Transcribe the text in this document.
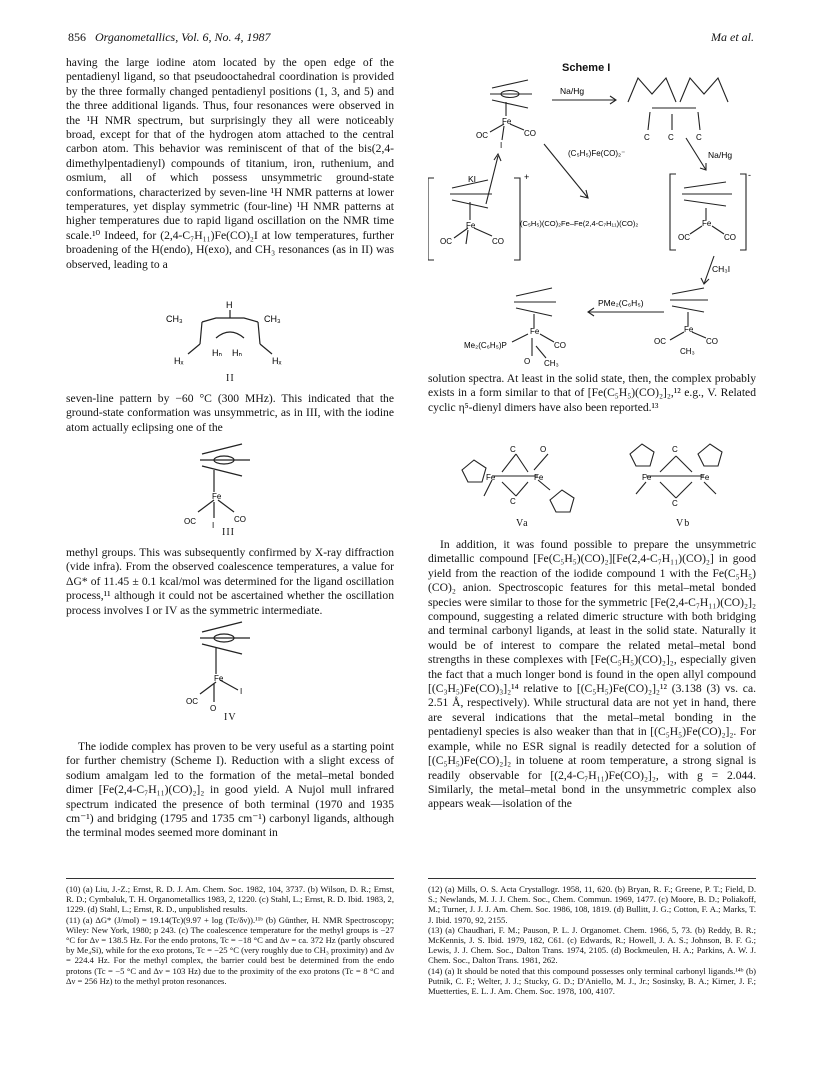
856 Organometallics, Vol. 6, No. 4, 1987	Ma et al.

having the large iodine atom located by the open edge of the pentadienyl ligand, so that pseudooctahedral coordination is provided by the three formally changed pentadienyl positions (1, 3, and 5) and the three additional ligands. Thus, four resonances were observed in the ¹H NMR spectrum, but surprisingly they all were noticeably broad, except for that of the hydrogen atom attached to the central carbon atom. This behavior was reminiscent of that of the bis(2,4-dimethylpentadienyl) compounds of titanium, iron, ruthenium, and osmium, all of which possess unsymmetric ground-state conformations, characterized by seven-line ¹H NMR patterns at lower temperatures, yet display symmetric (four-line) ¹H NMR patterns at higher temperatures due to rapid ligand oscillation on the NMR time scale.¹⁰ Indeed, for (2,4-C₇H₁₁)Fe(CO)₂I at low temperatures, further broadening of the H(endo), H(exo), and CH₃ resonances (as in II) was observed, leading to a

H
CH₃	CH₃
Hₓ
Hₙ Hₙ
Hₓ
II

seven-line pattern by −60 °C (300 MHz). This indicated that the ground-state conformation was unsymmetric, as in III, with the iodine atom actually eclipsing one of the

Fe
OC	CO
I
III

methyl groups. This was subsequently confirmed by X-ray diffraction (vide infra). From the observed coalescence temperatures, a value for ΔG* of 11.45 ± 0.1 kcal/mol was determined for the ligand oscillation process,¹¹ although it could not be ascertained whether the oscillation process involves I or IV as the symmetric intermediate.

Fe
OC
I
O
IV

The iodide complex has proven to be very useful as a starting point for further chemistry (Scheme I). Reduction with a slight excess of sodium amalgam led to the formation of the metal–metal bonded dimer [Fe(2,4-C₇H₁₁)(CO)₂]₂ in good yield. A Nujol mull infrared spectrum indicated the presence of both terminal (1970 and 1935 cm⁻¹) and bridging (1795 and 1735 cm⁻¹) carbonyl ligands, although the terminal modes seemed more dominant in

(10) (a) Liu, J.-Z.; Ernst, R. D. J. Am. Chem. Soc. 1982, 104, 3737. (b) Wilson, D. R.; Ernst, R. D.; Cymbaluk, T. H. Organometallics 1983, 2, 1220. (c) Stahl, L.; Ernst, R. D. Ibid. 1983, 2, 1229. (d) Stahl, L.; Ernst, R. D., unpublished results.
(11) (a) ΔG* (J/mol) = 19.14(Tc)(9.97 + log (Tc/δν)).¹¹ᵇ (b) Günther, H. NMR Spectroscopy; Wiley: New York, 1980; p 243. (c) The coalescence temperature for the methyl groups is −27 °C for Δν = 138.5 Hz. For the endo protons, Tc = −18 °C and Δν = ca. 372 Hz (partly obscured by Me₄Si), while for the exo protons, Tc = −25 °C (very roughly due to CH₃ proximity) and Δν = 224.4 Hz. For the methyl complex, the barrier could best be determined from the endo protons (Tc = −5 °C and Δν = 103 Hz) due to the proximity of the exo protons (Tc = 8 °C and Δν = 256 Hz) to the methyl proton resonances.
Scheme I
Fe
OC	CO
I
Na/Hg
C C	C
KI
(C₅H₅)Fe(CO)₂⁻	Na/Hg
+
Fe
OC	CO
(C₅H₅)(CO)₂Fe–Fe(2,4-C₇H₁₁)(CO)₂
-
Fe
OC	CO
CH₃I
Fe
OC	CO
CH₃
PMe₂(C₆H₅)
Fe
Me₂(C₆H₅)P	CO
O CH₃

solution spectra. At least in the solid state, then, the complex probably exists in a form similar to that of [Fe(C₅H₅)(CO)₂]₂,¹² e.g., V. Related cyclic η⁵-dienyl dimers have also been reported.¹³

Fe	Fe
C
C
O
Fe	Fe
C
C
Va	Vb

In addition, it was found possible to prepare the unsymmetric dimetallic compound [Fe(C₅H₅)(CO)₂][Fe(2,4-C₇H₁₁)(CO)₂] in good yield from the reaction of the iodide compound 1 with the Fe(C₅H₅)(CO)₂ anion. Spectroscopic features for this metal–metal bonded species were similar to those for the symmetric [Fe(2,4-C₇H₁₁)(CO)₂]₂ compound, suggesting a related dimeric structure with both bridging and terminal carbonyl ligands, at least in the solid state. Naturally it would be of interest to compare the related metal–metal bond strengths in these complexes with [Fe(C₅H₅)(CO)₂]₂, especially given the fact that a much longer bond is found in the open allyl compound [(C₃H₅)Fe(CO)₃]₂¹⁴ relative to [(C₅H₅)Fe(CO)₂]₂¹² (3.138 (3) vs. ca. 2.51 Å, respectively). While structural data are not yet in hand, there are several indications that the metal–metal bonding in the pentadienyl species is also weaker than that in [(C₅H₅)Fe(CO)₂]₂. For example, while no ESR signal is readily detected for a solution of [(C₅H₅)Fe(CO)₂]₂ in toluene at room temperature, a strong signal is readily observable for [(2,4-C₇H₁₁)Fe(CO)₂]₂, with g = 2.044. Similarly, the metal–metal bond in the unsymmetric complex also appears weak—isolation of the

(12) (a) Mills, O. S. Acta Crystallogr. 1958, 11, 620. (b) Bryan, R. F.; Greene, P. T.; Field, D. S.; Newlands, M. J. J. Chem. Soc., Chem. Commun. 1969, 1477. (c) Moore, B. D.; Poliakoff, M.; Turner, J. J. J. Am. Chem. Soc. 1986, 108, 1819. (d) Bullitt, J. G.; Cotton, F. A.; Marks, T. J. Ibid. 1970, 92, 2155.
(13) (a) Chaudhari, F. M.; Pauson, P. L. J. Organomet. Chem. 1966, 5, 73. (b) Reddy, B. R.; McKennis, J. S. Ibid. 1979, 182, C61. (c) Edwards, R.; Howell, J. A. S.; Johnson, B. F. G.; Lewis, J. J. Chem. Soc., Dalton Trans. 1974, 2105. (d) Bockmeulen, H. A.; Parkins, A. W. J. Chem. Soc., Dalton Trans. 1981, 262.
(14) (a) It should be noted that this compound possesses only terminal carbonyl ligands.¹⁴ᵇ (b) Putnik, C. F.; Welter, J. J.; Stucky, G. D.; D'Aniello, M. J., Jr.; Sosinsky, B. A.; Kirner, J. F.; Muetterties, E. L. J. Am. Chem. Soc. 1978, 100, 4107.
